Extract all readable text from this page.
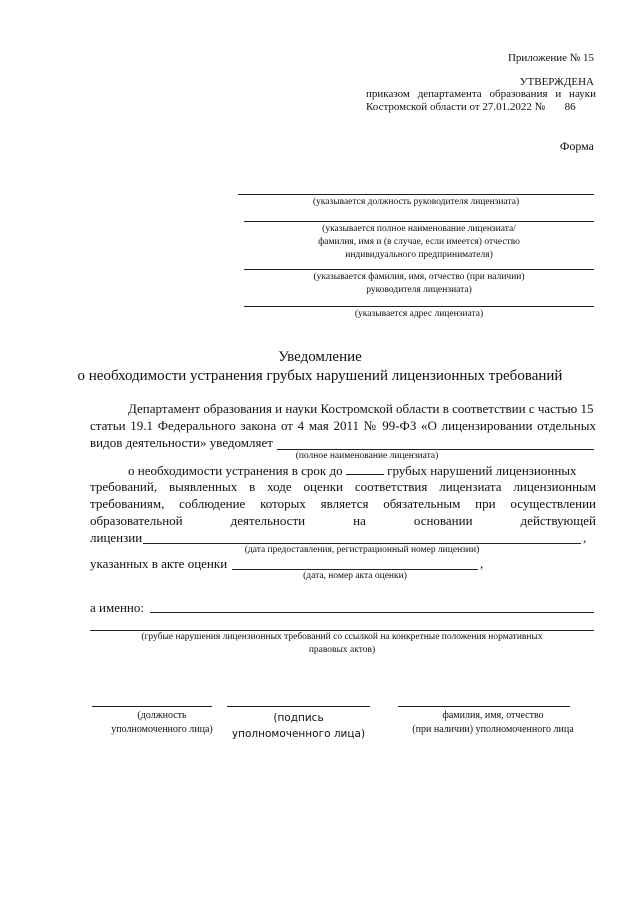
Приложение № 15
УТВЕРЖДЕНА
приказом департамента образования и науки
Костромской области от 27.01.2022 № 86
Форма
(указывается должность руководителя лицензиата)
(указывается полное наименование лицензиата/
фамилия, имя и (в случае, если имеется) отчество
индивидуального предпринимателя)
(указывается фамилия, имя, отчество (при наличии)
руководителя лицензиата)
(указывается адрес лицензиата)
Уведомление
о необходимости устранения грубых нарушений лицензионных требований
Департамент образования и науки Костромской области в соответствии с частью 15
статьи 19.1 Федерального закона от 4 мая 2011 № 99-ФЗ «О лицензировании отдельных
видов деятельности» уведомляет
(полное наименование лицензиата)
о необходимости устранения в срок до	грубых нарушений лицензионных
требований, выявленных в ходе оценки соответствия лицензиата лицензионным
требованиям, соблюдение которых является обязательным при осуществлении
образовательной деятельности на основании действующей
лицензии	,
(дата предоставления, регистрационный номер лицензии)
указанных в акте оценки	,
(дата, номер акта оценки)
а именно:
(грубые нарушения лицензионных требований со ссылкой на конкретные положения нормативных
правовых актов)
(должность
уполномоченного лица)
(подпись
уполномоченного лица)
фамилия, имя, отчество
(при наличии) уполномоченного лица
